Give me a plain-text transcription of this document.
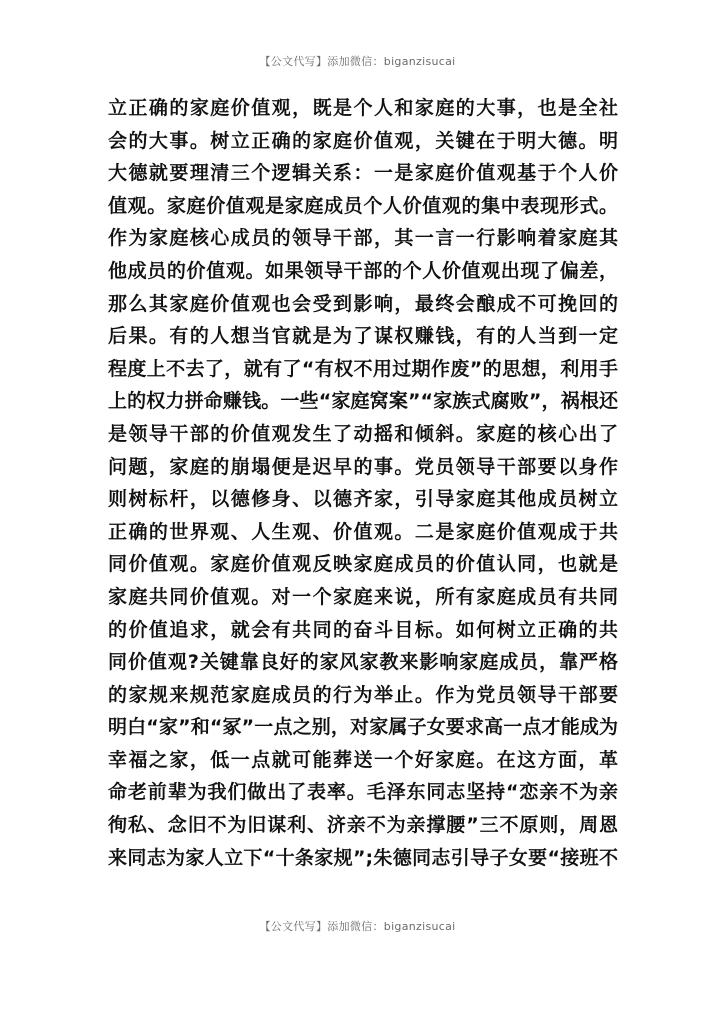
【公文代写】添加微信：biganzisucai
立正确的家庭价值观，既是个人和家庭的大事，也是全社
会的大事。树立正确的家庭价值观，关键在于明大德。明
大德就要理清三个逻辑关系：一是家庭价值观基于个人价
值观。家庭价值观是家庭成员个人价值观的集中表现形式。
作为家庭核心成员的领导干部，其一言一行影响着家庭其
他成员的价值观。如果领导干部的个人价值观出现了偏差，
那么其家庭价值观也会受到影响，最终会酿成不可挽回的
后果。有的人想当官就是为了谋权赚钱，有的人当到一定
程度上不去了，就有了“有权不用过期作废”的思想，利用手
上的权力拼命赚钱。一些“家庭窝案”“家族式腐败”，祸根还
是领导干部的价值观发生了动摇和倾斜。家庭的核心出了
问题，家庭的崩塌便是迟早的事。党员领导干部要以身作
则树标杆，以德修身、以德齐家，引导家庭其他成员树立
正确的世界观、人生观、价值观。二是家庭价值观成于共
同价值观。家庭价值观反映家庭成员的价值认同，也就是
家庭共同价值观。对一个家庭来说，所有家庭成员有共同
的价值追求，就会有共同的奋斗目标。如何树立正确的共
同价值观?关键靠良好的家风家教来影响家庭成员，靠严格
的家规来规范家庭成员的行为举止。作为党员领导干部要
明白“家”和“冢”一点之别，对家属子女要求高一点才能成为
幸福之家，低一点就可能葬送一个好家庭。在这方面，革
命老前辈为我们做出了表率。毛泽东同志坚持“恋亲不为亲
徇私、念旧不为旧谋利、济亲不为亲撑腰”三不原则，周恩
来同志为家人立下“十条家规”;朱德同志引导子女要“接班不
【公文代写】添加微信：biganzisucai
